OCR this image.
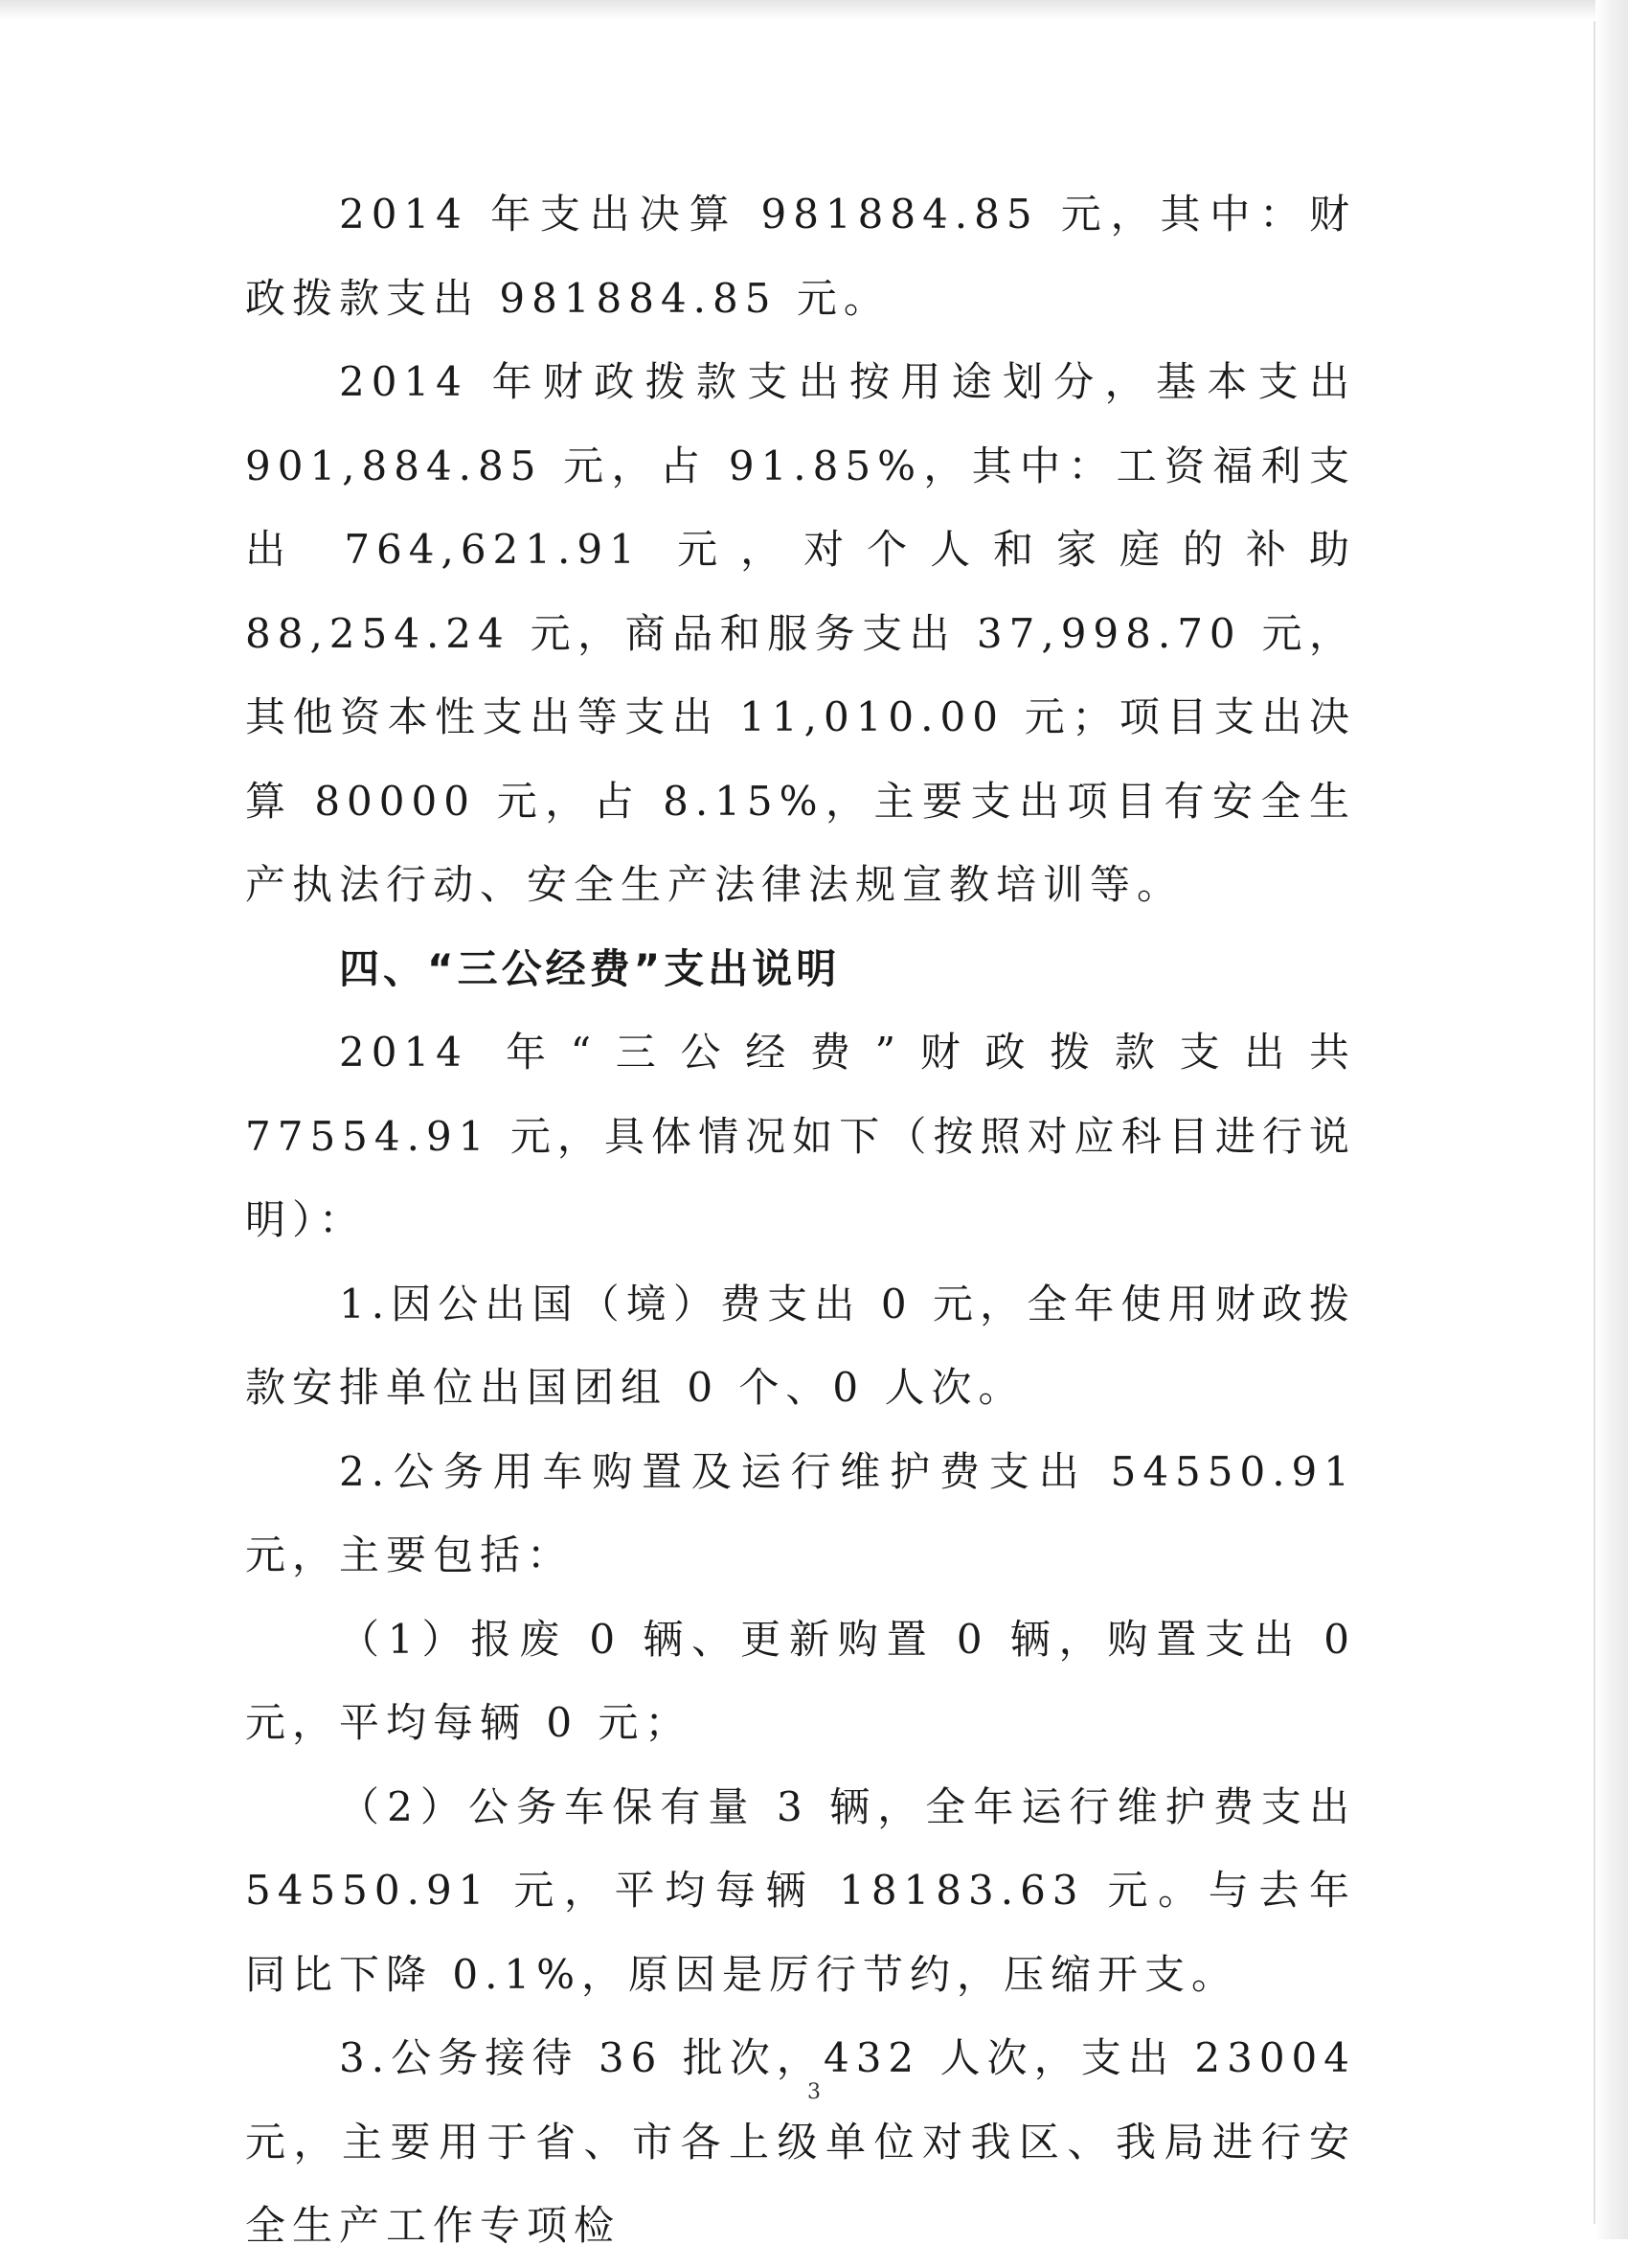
2014 年支出决算 981884.85 元，其中：财政拨款支出 981884.85 元。

2014 年财政拨款支出按用途划分，基本支出 901,884.85 元，占 91.85%，其中：工资福利支出 764,621.91 元，对个人和家庭的补助 88,254.24 元，商品和服务支出 37,998.70 元，其他资本性支出等支出 11,010.00 元；项目支出决算 80000 元，占 8.15%，主要支出项目有安全生产执法行动、安全生产法律法规宣教培训等。

四、“三公经费”支出说明

2014 年“三公经费”财政拨款支出共 77554.91 元，具体情况如下（按照对应科目进行说明）：

1.因公出国（境）费支出 0 元，全年使用财政拨款安排单位出国团组 0 个、0 人次。

2.公务用车购置及运行维护费支出 54550.91 元，主要包括：

（1）报废 0 辆、更新购置 0 辆，购置支出 0 元，平均每辆 0 元；

（2）公务车保有量 3 辆，全年运行维护费支出 54550.91 元，平均每辆 18183.63 元。与去年同比下降 0.1%，原因是厉行节约，压缩开支。

3.公务接待 36 批次，432 人次，支出 23004 元，主要用于省、市各上级单位对我区、我局进行安全生产工作专项检

3
